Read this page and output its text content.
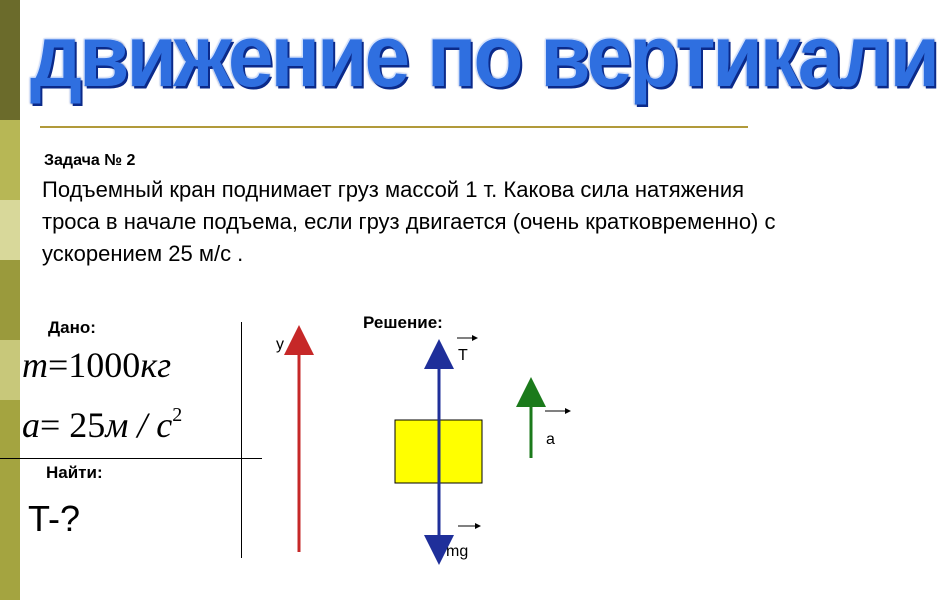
движение по вертикали
Задача № 2
Подъемный кран поднимает груз массой 1 т. Какова сила натяжения троса в начале подъема, если груз двигается (очень кратковременно) с ускорением 25 м/с .
Дано:
m=1000кг
$a= 25м / с^2$
Найти:
T-?
Решение:
y
T
mg
a
